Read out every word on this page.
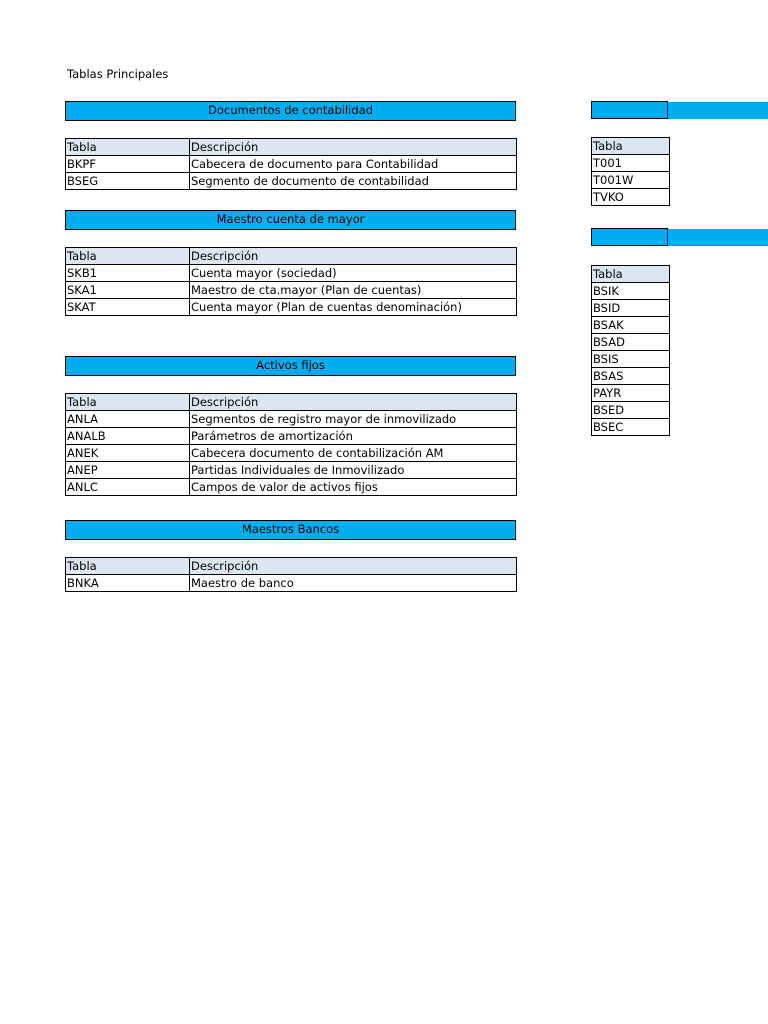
Tablas Principales
Documentos de contabilidad
Tabla	Descripción
BKPF	Cabecera de documento para Contabilidad
BSEG	Segmento de documento de contabilidad
Maestro cuenta de mayor
Tabla	Descripción
SKB1	Cuenta mayor (sociedad)
SKA1	Maestro de cta.mayor (Plan de cuentas)
SKAT	Cuenta mayor (Plan de cuentas denominación)
Activos fijos
Tabla	Descripción
ANLA	Segmentos de registro mayor de inmovilizado
ANALB	Parámetros de amortización
ANEK	Cabecera documento de contabilización AM
ANEP	Partidas Individuales de Inmovilizado
ANLC	Campos de valor de activos fijos
Maestros Bancos
Tabla	Descripción
BNKA	Maestro de banco
Tabla
T001
T001W
TVKO
Tabla
BSIK
BSID
BSAK
BSAD
BSIS
BSAS
PAYR
BSED
BSEC
